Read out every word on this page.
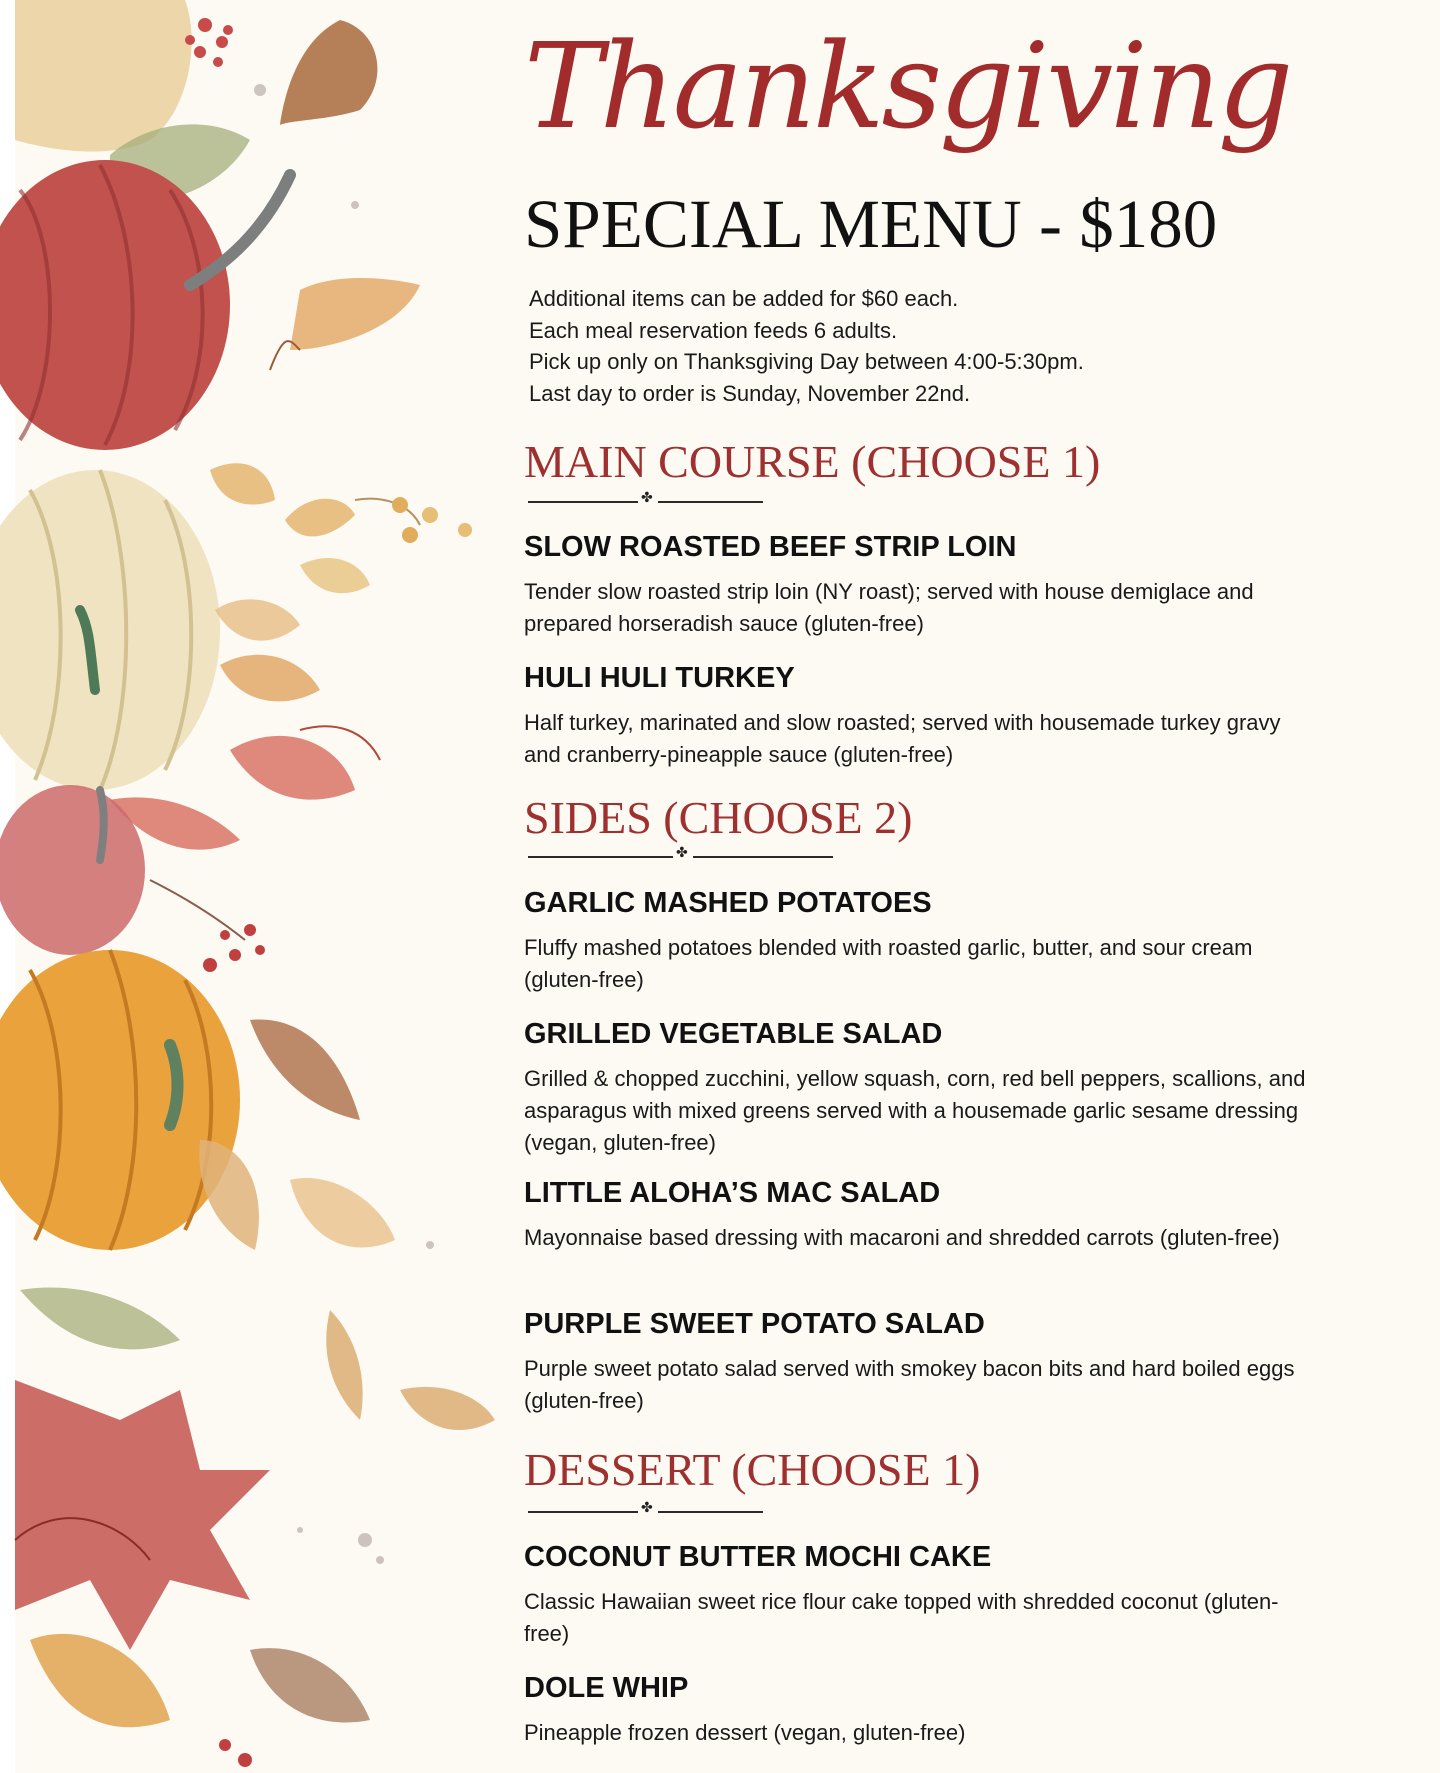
Thanksgiving
SPECIAL MENU - $180
Additional items can be added for $60 each.
Each meal reservation feeds 6 adults.
Pick up only on Thanksgiving Day between 4:00-5:30pm.
Last day to order is Sunday, November 22nd.
MAIN COURSE (CHOOSE 1)
✤
SLOW ROASTED BEEF STRIP LOIN
Tender slow roasted strip loin (NY roast); served with house demiglace and prepared horseradish sauce (gluten-free)
HULI HULI TURKEY
Half turkey, marinated and slow roasted; served with housemade turkey gravy and cranberry-pineapple sauce (gluten-free)
SIDES (CHOOSE 2)
✤
GARLIC MASHED POTATOES
Fluffy mashed potatoes blended with roasted garlic, butter, and sour cream (gluten-free)
GRILLED VEGETABLE SALAD
Grilled & chopped zucchini, yellow squash, corn, red bell peppers, scallions, and asparagus with mixed greens served with a housemade garlic sesame dressing (vegan, gluten-free)
LITTLE ALOHA’S MAC SALAD
Mayonnaise based dressing with macaroni and shredded carrots (gluten-free)
PURPLE SWEET POTATO SALAD
Purple sweet potato salad served with smokey bacon bits and hard boiled eggs (gluten-free)
DESSERT (CHOOSE 1)
✤
COCONUT BUTTER MOCHI CAKE
Classic Hawaiian sweet rice flour cake topped with shredded coconut (gluten-free)
DOLE WHIP
Pineapple frozen dessert (vegan, gluten-free)
